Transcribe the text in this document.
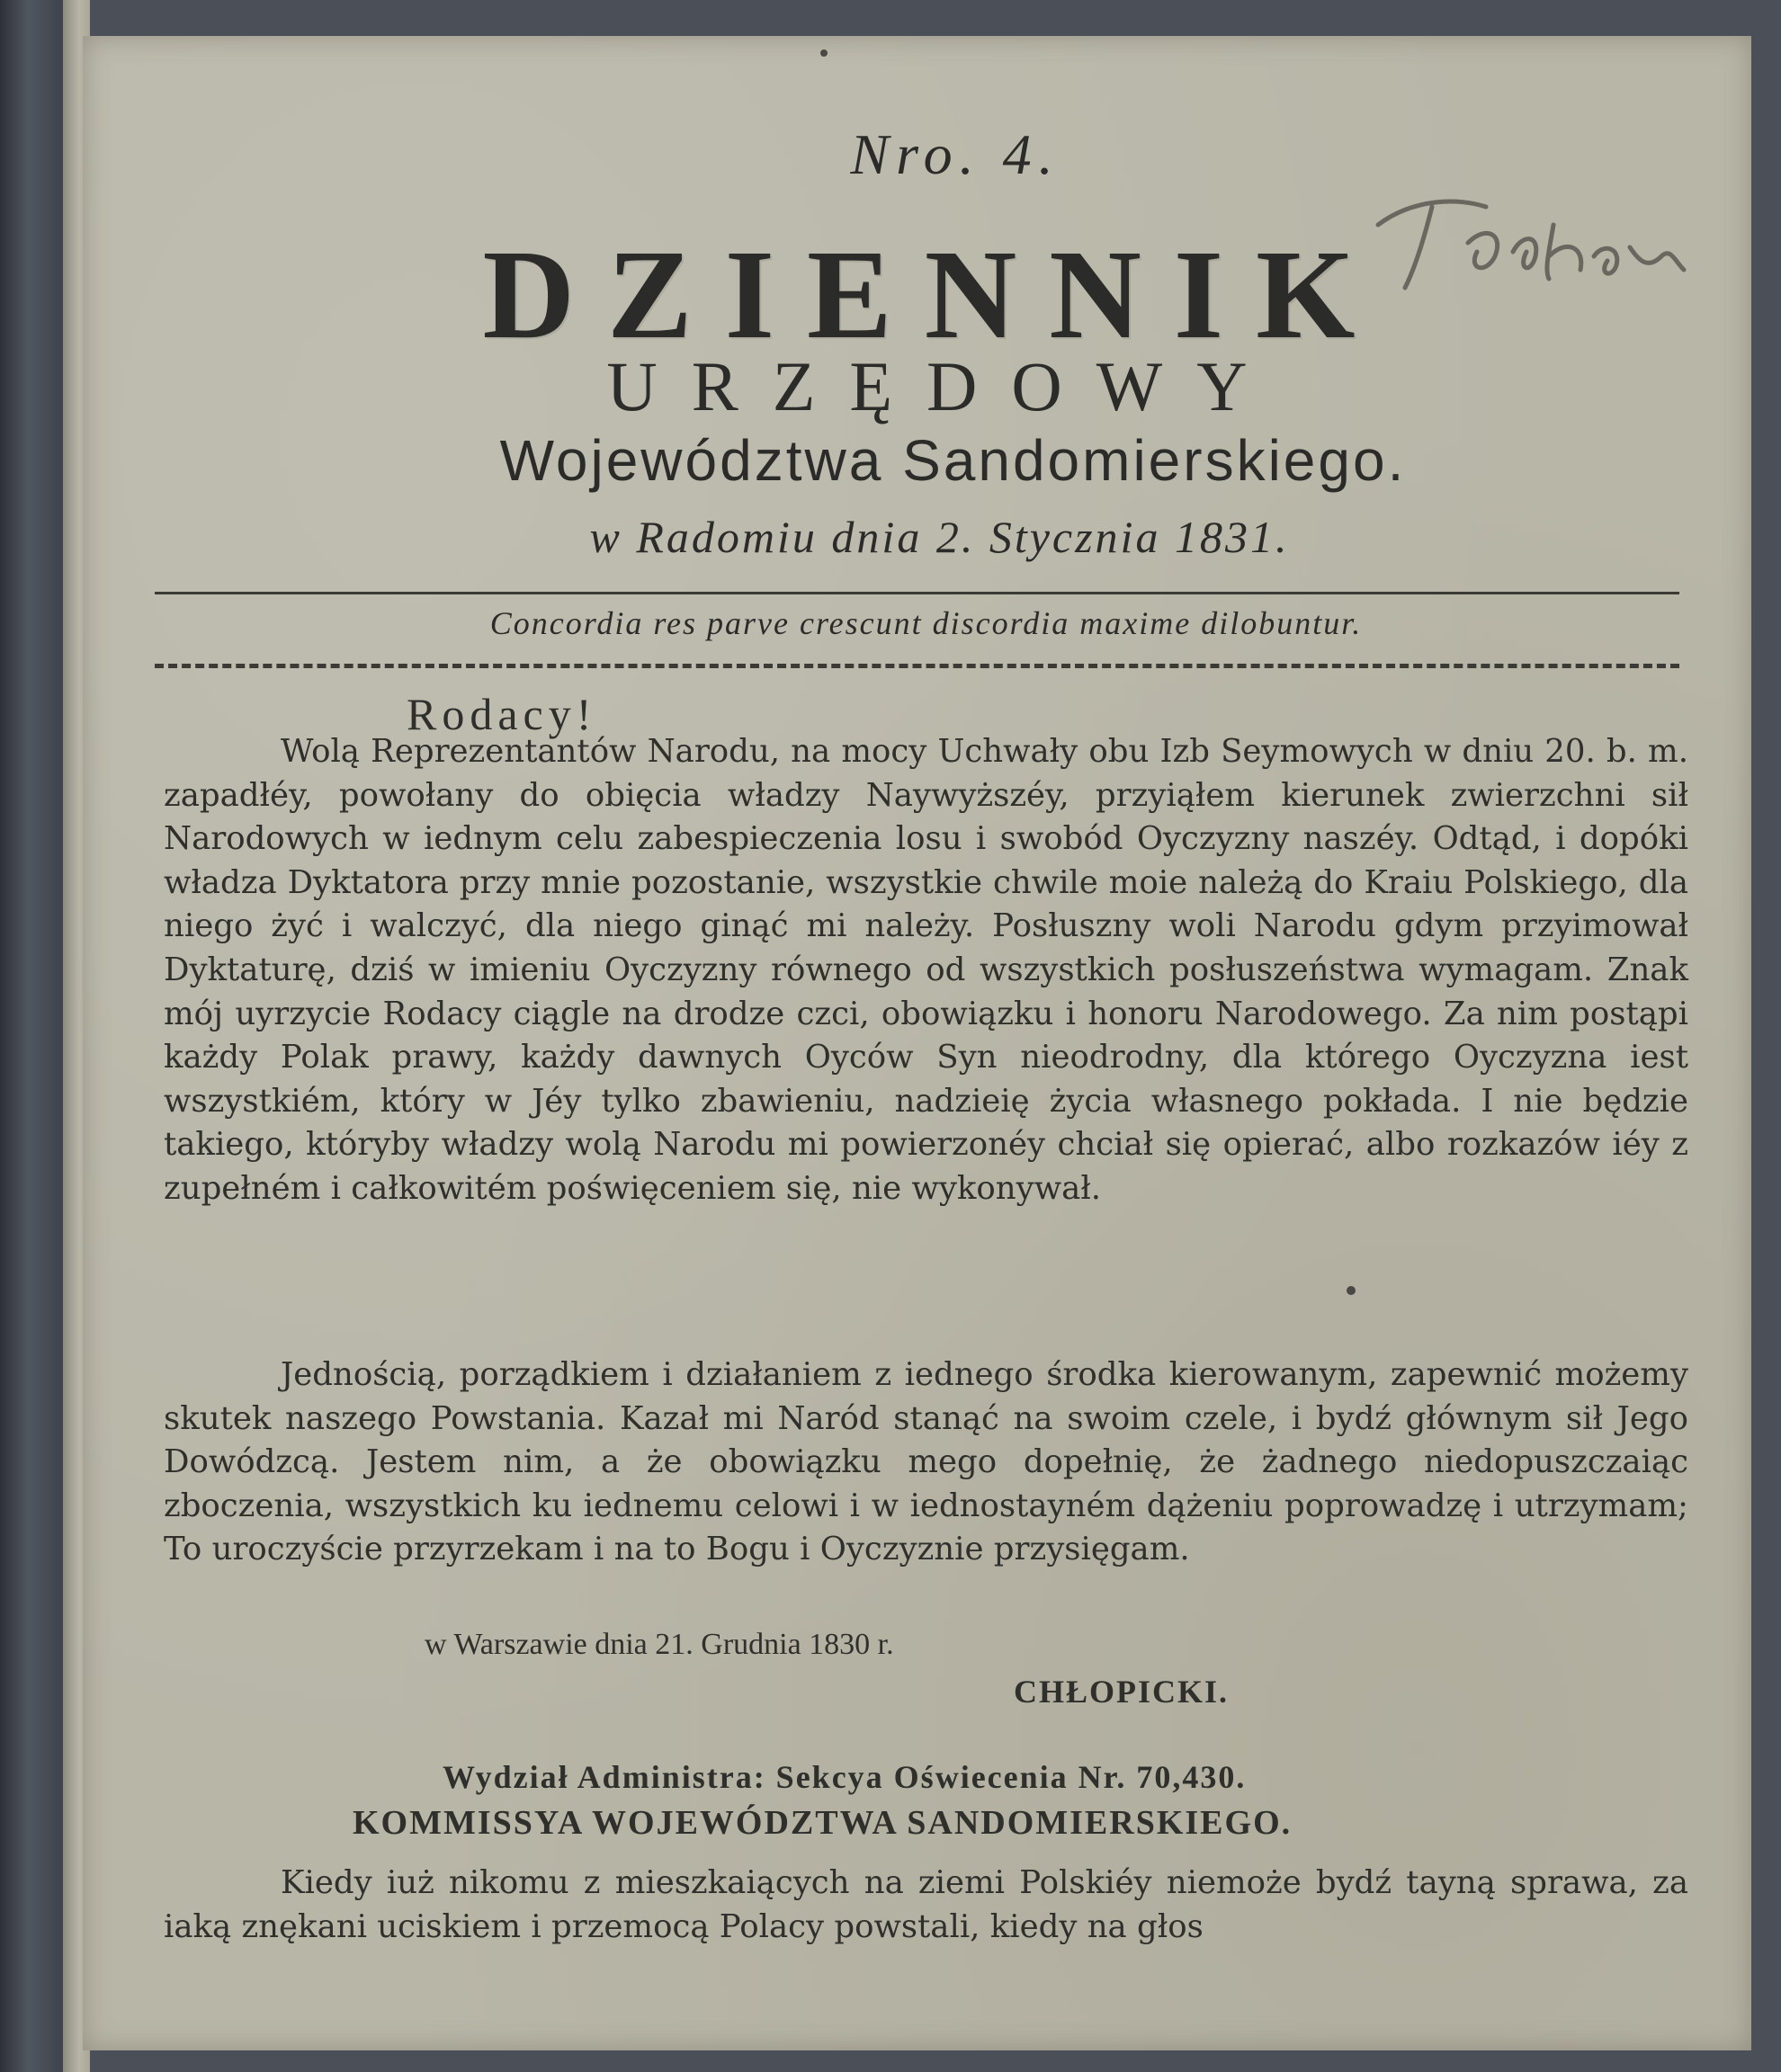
Nro. 4.
DZIENNIK
URZĘDOWY
Województwa Sandomierskiego.
w Radomiu dnia 2. Stycznia 1831.
Concordia res parve crescunt discordia maxime dilobuntur.
Rodacy!
Wolą Reprezentantów Narodu, na mocy Uchwały obu Izb Seymowych w dniu 20. b. m. zapadłéy, powołany do obięcia władzy Naywyższéy, przyiąłem kierunek zwierzchni sił Narodowych w iednym celu zabespieczenia losu i swobód Oyczyzny naszéy. Odtąd, i dopóki władza Dyktatora przy mnie pozostanie, wszystkie chwile moie należą do Kraiu Polskiego, dla niego żyć i walczyć, dla niego ginąć mi należy. Posłuszny woli Narodu gdym przyimował Dyktaturę, dziś w imieniu Oyczyzny równego od wszystkich posłuszeństwa wymagam. Znak mój uyrzycie Rodacy ciągle na drodze czci, obowiązku i honoru Narodowego. Za nim postąpi każdy Polak prawy, każdy dawnych Oyców Syn nieodrodny, dla którego Oyczyzna iest wszystkiém, który w Jéy tylko zbawieniu, nadzieię życia własnego pokłada. I nie będzie takiego, któryby władzy wolą Narodu mi powierzonéy chciał się opierać, albo rozkazów iéy z zupełném i całkowitém poświęceniem się, nie wykonywał.
Jednością, porządkiem i działaniem z iednego środka kierowanym, zapewnić możemy skutek naszego Powstania. Kazał mi Naród stanąć na swoim czele, i bydź głównym sił Jego Dowódzcą. Jestem nim, a że obowiązku mego dopełnię, że żadnego niedopuszczaiąc zboczenia, wszystkich ku iednemu celowi i w iednostayném dążeniu poprowadzę i utrzymam; To uroczyście przyrzekam i na to Bogu i Oyczyznie przysięgam.
w Warszawie dnia 21. Grudnia 1830 r.
CHŁOPICKI.
Wydział Administra: Sekcya Oświecenia Nr. 70,430.
KOMMISSYA WOJEWÓDZTWA SANDOMIERSKIEGO.
Kiedy iuż nikomu z mieszkaiących na ziemi Polskiéy niemoże bydź tayną sprawa, za iaką znękani uciskiem i przemocą Polacy powstali, kiedy na głos
